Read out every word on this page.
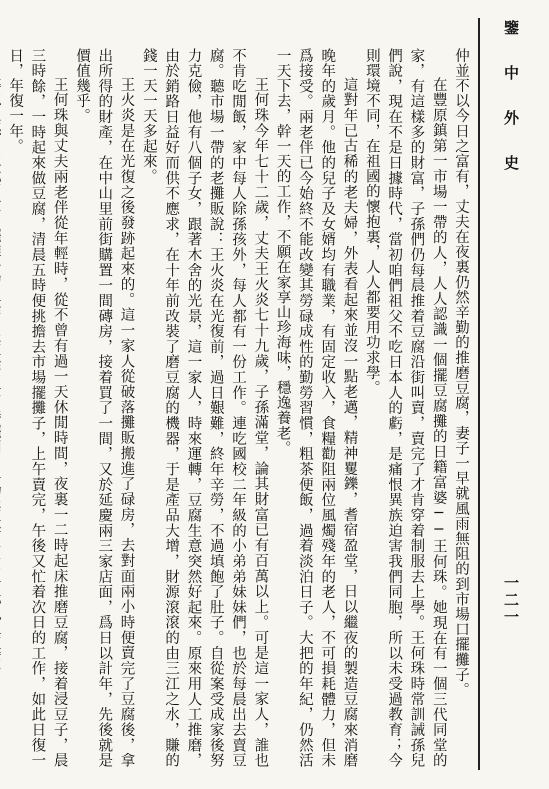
鑒 中 外 史
一二一

仲並不以今日之富有，丈夫在夜裏仍然辛勤的推磨豆腐，妻子一早就風雨無阻的到市場口擺攤子。

在豐原鎮第一市場一帶的人，人人認識一個擺豆腐攤的日籍富婆──王何珠。她現在有一個三代同堂的家，有這樣多的財富，子孫們仍每晨推着豆腐沿街叫賣，賣完了才肯穿着制服去上學。王何珠時常訓誡孫兒們說，現在不是日據時代，當初咱們祖父不吃日本人的虧，是痛恨異族迫害我們同胞，所以未受過教育；今則環境不同，在祖國的懷抱裏，人人都要用功求學。

這對年已古稀的老夫婦，外表看起來並沒一點老邁，精神矍鑠，耆宿盈堂，日以繼夜的製造豆腐來消磨晚年的歲月。他的兒子及女婿均有職業，有固定收入，食糧勸阻兩位風燭殘年的老人，不可損耗體力，但未爲接受。兩老伴已今始終不能改變其勞碌成性的勤勞習慣，粗茶便飯，過着淡泊日子。大把的年紀，仍然活一天下去，幹一天的工作，不願在家享山珍海味，穩逸養老。

王何珠今年七十二歲，丈夫王火炎七十九歲，子孫滿堂，論其財富已有百萬以上。可是這一家人，誰也不肯吃閒飯，家中每人除孫孩外，每人都有一份工作。連吃國校二年級的小弟弟妹妹們，也於每晨出去賣豆腐。聽市場一帶的老攤販說：王火炎在光復前，過日艱難，終年辛勞，不過填飽了肚子。自從案受成家後努力克儉，他有八個子女，跟著木舍的光景，這一家人，時來運轉，豆腐生意突然好起來。原來用人工推磨，由於銷路日益好而供不應求，在十年前改裝了磨豆腐的機器，于是產品大增，財源滾滾的由三江之水，賺的錢一天一天多起來。

王火炎是在光復之後發跡起來的。這一家人從破落攤販搬進了碌房，去對面兩小時便賣完了豆腐後，拿出所得的財產，在中山里前街購置一間磚房，接着買了一間，又於延慶兩三家店面，爲日以計年，先後就是價值幾乎。

王何珠與丈夫兩老伴從年輕時，從不曾有過一天休閒時間，夜裏一二時起床推磨豆腐，接着浸豆子，晨三時餘，一時起來做豆腐，清晨五時便挑擔去市場擺攤子，上午賣完，午後又忙着次日的工作，如此日復一日，年復一年。
